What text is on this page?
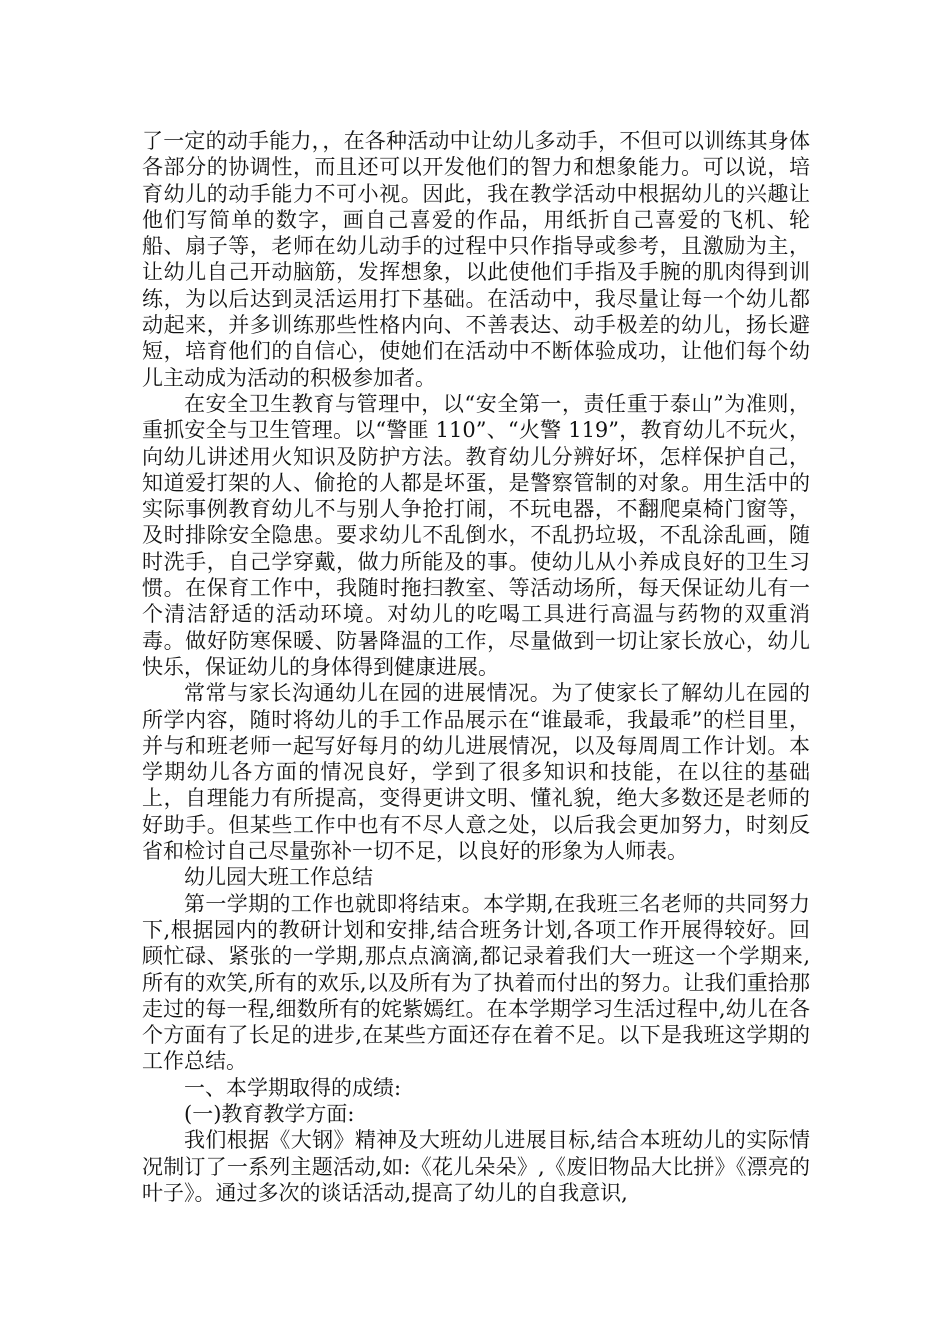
了一定的动手能力，，在各种活动中让幼儿多动手，不但可以训练其身体各部分的协调性，而且还可以开发他们的智力和想象能力。可以说，培育幼儿的动手能力不可小视。因此，我在教学活动中根据幼儿的兴趣让他们写简单的数字，画自己喜爱的作品，用纸折自己喜爱的飞机、轮船、扇子等，老师在幼儿动手的过程中只作指导或参考，且激励为主，让幼儿自己开动脑筋，发挥想象，以此使他们手指及手腕的肌肉得到训练，为以后达到灵活运用打下基础。在活动中，我尽量让每一个幼儿都动起来，并多训练那些性格内向、不善表达、动手极差的幼儿，扬长避短，培育他们的自信心，使她们在活动中不断体验成功，让他们每个幼儿主动成为活动的积极参加者。

在安全卫生教育与管理中，以“安全第一，责任重于泰山”为准则，重抓安全与卫生管理。以“警匪 110”、“火警 119”，教育幼儿不玩火，向幼儿讲述用火知识及防护方法。教育幼儿分辨好坏，怎样保护自己，知道爱打架的人、偷抢的人都是坏蛋，是警察管制的对象。用生活中的实际事例教育幼儿不与别人争抢打闹，不玩电器，不翻爬桌椅门窗等，及时排除安全隐患。要求幼儿不乱倒水，不乱扔垃圾，不乱涂乱画，随时洗手，自己学穿戴，做力所能及的事。使幼儿从小养成良好的卫生习惯。在保育工作中，我随时拖扫教室、等活动场所，每天保证幼儿有一个清洁舒适的活动环境。对幼儿的吃喝工具进行高温与药物的双重消毒。做好防寒保暖、防暑降温的工作，尽量做到一切让家长放心，幼儿快乐，保证幼儿的身体得到健康进展。

常常与家长沟通幼儿在园的进展情况。为了使家长了解幼儿在园的所学内容，随时将幼儿的手工作品展示在“谁最乖，我最乖”的栏目里，并与和班老师一起写好每月的幼儿进展情况，以及每周周工作计划。本学期幼儿各方面的情况良好，学到了很多知识和技能，在以往的基础上，自理能力有所提高，变得更讲文明、懂礼貌，绝大多数还是老师的好助手。但某些工作中也有不尽人意之处，以后我会更加努力，时刻反省和检讨自己尽量弥补一切不足，以良好的形象为人师表。

幼儿园大班工作总结

第一学期的工作也就即将结束。本学期,在我班三名老师的共同努力下,根据园内的教研计划和安排,结合班务计划,各项工作开展得较好。回顾忙碌、紧张的一学期,那点点滴滴,都记录着我们大一班这一个学期来,所有的欢笑,所有的欢乐,以及所有为了执着而付出的努力。让我们重拾那走过的每一程,细数所有的姹紫嫣红。在本学期学习生活过程中,幼儿在各个方面有了长足的进步,在某些方面还存在着不足。以下是我班这学期的工作总结。

一、本学期取得的成绩:

(一)教育教学方面:

我们根据《大钢》精神及大班幼儿进展目标,结合本班幼儿的实际情况制订了一系列主题活动,如:《花儿朵朵》,《废旧物品大比拼》《漂亮的叶子》。通过多次的谈话活动,提高了幼儿的自我意识,
